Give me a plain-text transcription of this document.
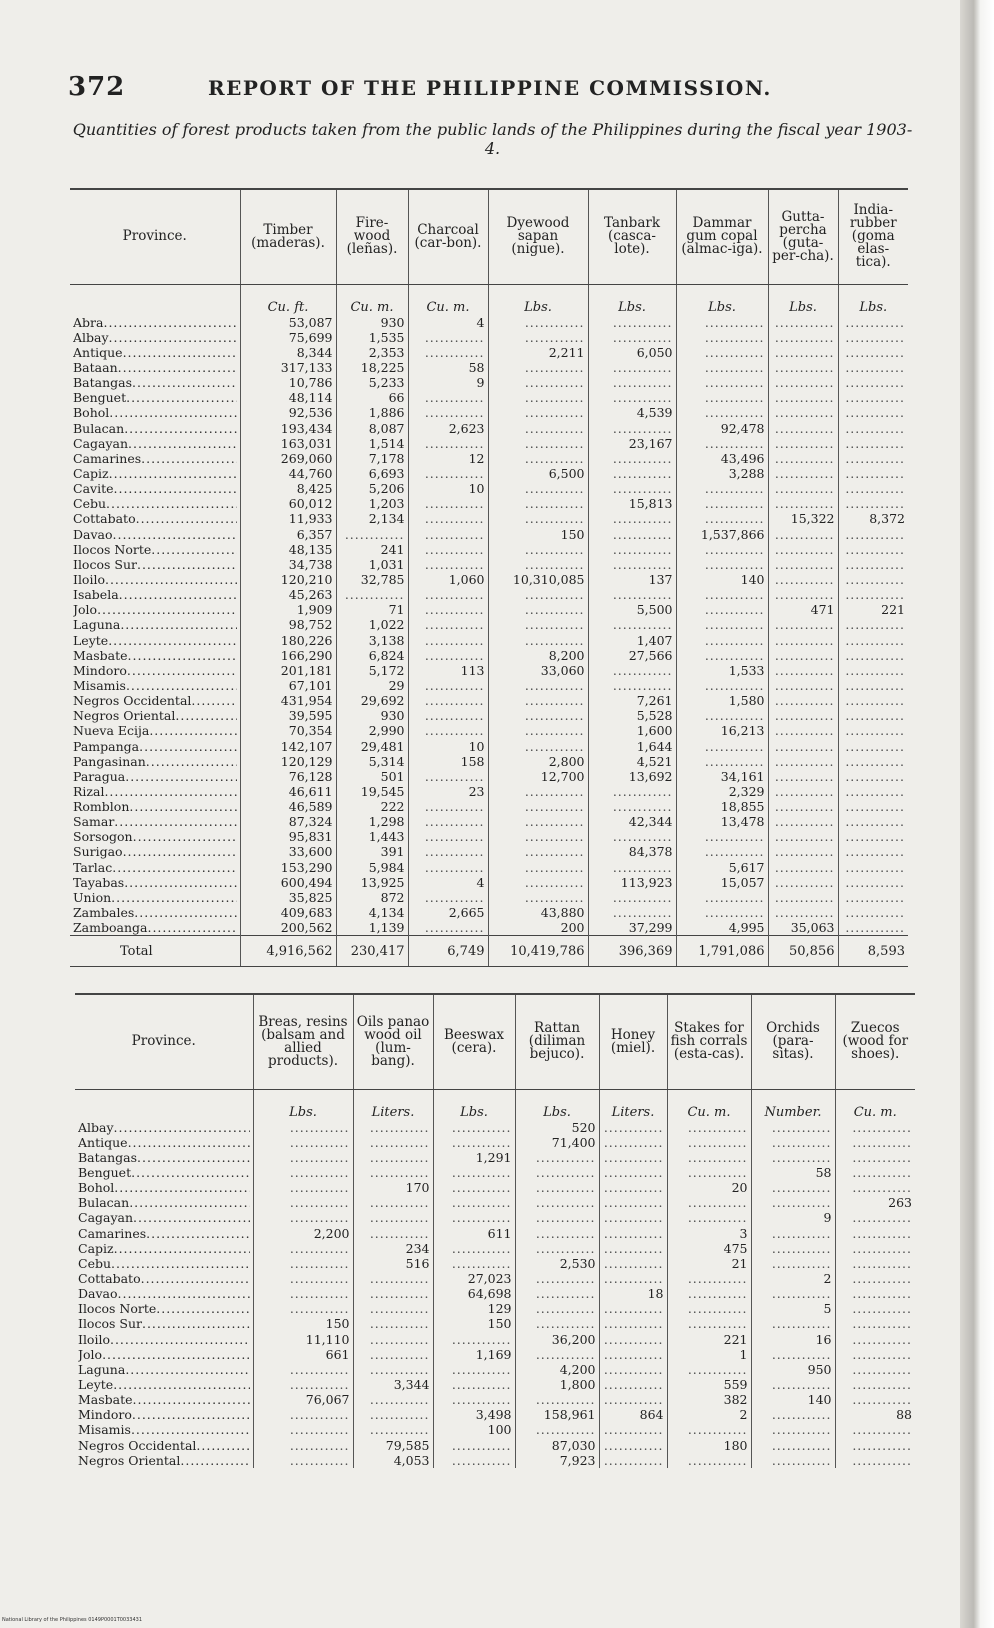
372	REPORT OF THE PHILIPPINE COMMISSION.
Quantities of forest products taken from the public lands of the Philippines during the fiscal year 1903-4.
Province.	Timber (maderas).	Fire-wood (leñas).	Charcoal (car-bon).	Dyewood sapan (nigue).	Tanbark (casca-lote).	Dammar gum copal (almac-iga).	Gutta-percha (guta-per-cha).	India-rubber (goma elas-tica).
	Cu. ft.	Cu. m.	Cu. m.	Lbs.	Lbs.	Lbs.	Lbs.	Lbs.

Abra .....	53,087	930	4	............	............	............	............	............

Albay .....	75,699	1,535	............	............	............	............	............	............

Antique .....	8,344	2,353	............	2,211	6,050	............	............	............

Bataan .....	317,133	18,225	58	............	............	............	............	............

Batangas .....	10,786	5,233	9	............	............	............	............	............

Benguet .....	48,114	66	............	............	............	............	............	............

Bohol .....	92,536	1,886	............	............	4,539	............	............	............

Bulacan .....	193,434	8,087	2,623	............	............	92,478	............	............

Cagayan .....	163,031	1,514	............	............	23,167	............	............	............

Camarines .....	269,060	7,178	12	............	............	43,496	............	............

Capiz .....	44,760	6,693	............	6,500	............	3,288	............	............

Cavite .....	8,425	5,206	10	............	............	............	............	............

Cebu .....	60,012	1,203	............	............	15,813	............	............	............

Cottabato .....	11,933	2,134	............	............	............	............	15,322	8,372

Davao .....	6,357	............	............	150	............	1,537,866	............	............

Ilocos Norte .....	48,135	241	............	............	............	............	............	............

Ilocos Sur .....	34,738	1,031	............	............	............	............	............	............

Iloilo .....	120,210	32,785	1,060	10,310,085	137	140	............	............

Isabela .....	45,263	............	............	............	............	............	............	............

Jolo .....	1,909	71	............	............	5,500	............	471	221

Laguna .....	98,752	1,022	............	............	............	............	............	............

Leyte .....	180,226	3,138	............	............	1,407	............	............	............

Masbate .....	166,290	6,824	............	8,200	27,566	............	............	............

Mindoro .....	201,181	5,172	113	33,060	............	1,533	............	............

Misamis .....	67,101	29	............	............	............	............	............	............

Negros Occidental .....	431,954	29,692	............	............	7,261	1,580	............	............

Negros Oriental .....	39,595	930	............	............	5,528	............	............	............

Nueva Ecija .....	70,354	2,990	............	............	1,600	16,213	............	............

Pampanga .....	142,107	29,481	10	............	1,644	............	............	............

Pangasinan .....	120,129	5,314	158	2,800	4,521	............	............	............

Paragua .....	76,128	501	............	12,700	13,692	34,161	............	............

Rizal .....	46,611	19,545	23	............	............	2,329	............	............

Romblon .....	46,589	222	............	............	............	18,855	............	............

Samar .....	87,324	1,298	............	............	42,344	13,478	............	............

Sorsogon .....	95,831	1,443	............	............	............	............	............	............

Surigao .....	33,600	391	............	............	84,378	............	............	............

Tarlac .....	153,290	5,984	............	............	............	5,617	............	............

Tayabas .....	600,494	13,925	4	............	113,923	15,057	............	............

Union .....	35,825	872	............	............	............	............	............	............

Zambales .....	409,683	4,134	2,665	43,880	............	............	............	............

Zamboanga .....	200,562	1,139	............	200	37,299	4,995	35,063	............
Total	4,916,562	230,417	6,749	10,419,786	396,369	1,791,086	50,856	8,593
Province.	Breas, resins (balsam and allied products).	Oils panao wood oil (lum-bang).	Beeswax (cera).	Rattan (diliman bejuco).	Honey (miel).	Stakes for fish corrals (esta-cas).	Orchids (para-sitas).	Zuecos (wood for shoes).
	Lbs.	Liters.	Lbs.	Lbs.	Liters.	Cu. m.	Number.	Cu. m.

Albay .....	............	............	............	520	............	............	............	............

Antique .....	............	............	............	71,400	............	............	............	............

Batangas .....	............	............	1,291	............	............	............	............	............

Benguet .....	............	............	............	............	............	............	58	............

Bohol .....	............	170	............	............	............	20	............	............

Bulacan .....	............	............	............	............	............	............	............	263

Cagayan .....	............	............	............	............	............	............	9	............

Camarines .....	2,200	............	611	............	............	3	............	............

Capiz .....	............	234	............	............	............	475	............	............

Cebu .....	............	516	............	2,530	............	21	............	............

Cottabato .....	............	............	27,023	............	............	............	2	............

Davao .....	............	............	64,698	............	18	............	............	............

Ilocos Norte .....	............	............	129	............	............	............	5	............

Ilocos Sur .....	150	............	150	............	............	............	............	............

Iloilo .....	11,110	............	............	36,200	............	221	16	............

Jolo .....	661	............	1,169	............	............	1	............	............

Laguna .....	............	............	............	4,200	............	............	950	............

Leyte .....	............	3,344	............	1,800	............	559	............	............

Masbate .....	76,067	............	............	............	............	382	140	............

Mindoro .....	............	............	3,498	158,961	864	2	............	88

Misamis .....	............	............	100	............	............	............	............	............

Negros Occidental .....	............	79,585	............	87,030	............	180	............	............

Negros Oriental .....	............	4,053	............	7,923	............	............	............	............
National Library of the Philippines 0149P0001T0033431
